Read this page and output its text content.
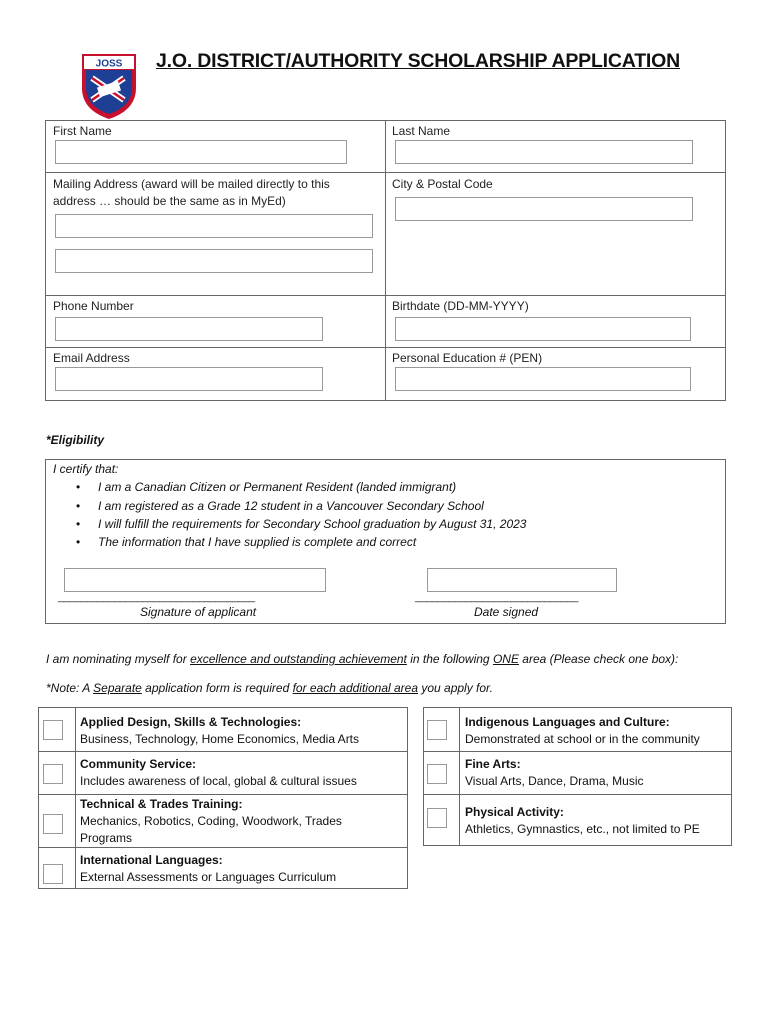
JOSS J.O. DISTRICT/AUTHORITY SCHOLARSHIP APPLICATION
First Name	Last Name
Mailing Address (award will be mailed directly to this
address … should be the same as in MyEd)
City & Postal Code
Phone Number	Birthdate (DD-MM-YYYY)
Email Address	Personal Education # (PEN)
*Eligibility
I certify that:
• I am a Canadian Citizen or Permanent Resident (landed immigrant)
• I am registered as a Grade 12 student in a Vancouver Secondary School
• I will fulfill the requirements for Secondary School graduation by August 31, 2023
• The information that I have supplied is complete and correct
___________________________________	_____________________________
Signature of applicant	Date signed
I am nominating myself for excellence and outstanding achievement in the following ONE area (Please check one box):
*Note: A Separate application form is required for each additional area you apply for.
Applied Design, Skills & Technologies:
Business, Technology, Home Economics, Media Arts
Community Service:
Includes awareness of local, global & cultural issues
Technical & Trades Training:
Mechanics, Robotics, Coding, Woodwork, Trades
Programs
International Languages:
External Assessments or Languages Curriculum
Indigenous Languages and Culture:
Demonstrated at school or in the community
Fine Arts:
Visual Arts, Dance, Drama, Music
Physical Activity:
Athletics, Gymnastics, etc., not limited to PE
